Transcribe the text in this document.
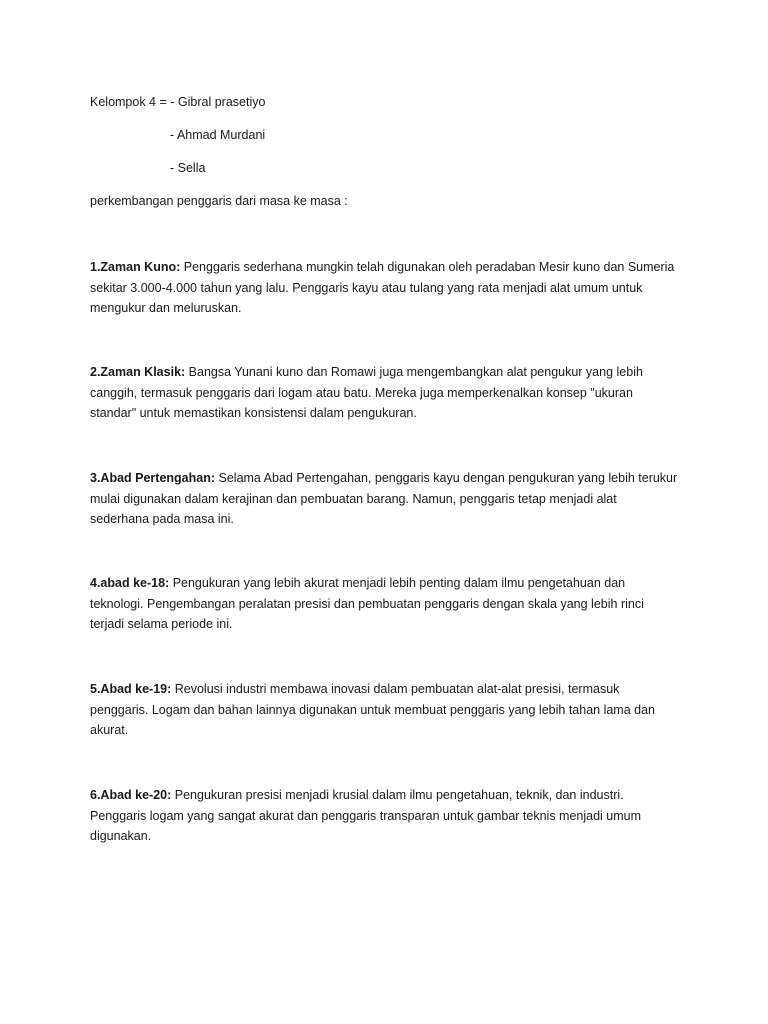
Kelompok 4 = - Gibral prasetiyo
- Ahmad Murdani
- Sella
perkembangan penggaris dari masa ke masa :

1.Zaman Kuno: Penggaris sederhana mungkin telah digunakan oleh peradaban Mesir kuno dan Sumeria

sekitar 3.000-4.000 tahun yang lalu. Penggaris kayu atau tulang yang rata menjadi alat umum untuk

mengukur dan meluruskan.

2.Zaman Klasik: Bangsa Yunani kuno dan Romawi juga mengembangkan alat pengukur yang lebih

canggih, termasuk penggaris dari logam atau batu. Mereka juga memperkenalkan konsep "ukuran

standar" untuk memastikan konsistensi dalam pengukuran.

3.Abad Pertengahan: Selama Abad Pertengahan, penggaris kayu dengan pengukuran yang lebih terukur

mulai digunakan dalam kerajinan dan pembuatan barang. Namun, penggaris tetap menjadi alat

sederhana pada masa ini.

4.abad ke-18: Pengukuran yang lebih akurat menjadi lebih penting dalam ilmu pengetahuan dan

teknologi. Pengembangan peralatan presisi dan pembuatan penggaris dengan skala yang lebih rinci

terjadi selama periode ini.

5.Abad ke-19: Revolusi industri membawa inovasi dalam pembuatan alat-alat presisi, termasuk

penggaris. Logam dan bahan lainnya digunakan untuk membuat penggaris yang lebih tahan lama dan

akurat.

6.Abad ke-20: Pengukuran presisi menjadi krusial dalam ilmu pengetahuan, teknik, dan industri.

Penggaris logam yang sangat akurat dan penggaris transparan untuk gambar teknis menjadi umum

digunakan.
